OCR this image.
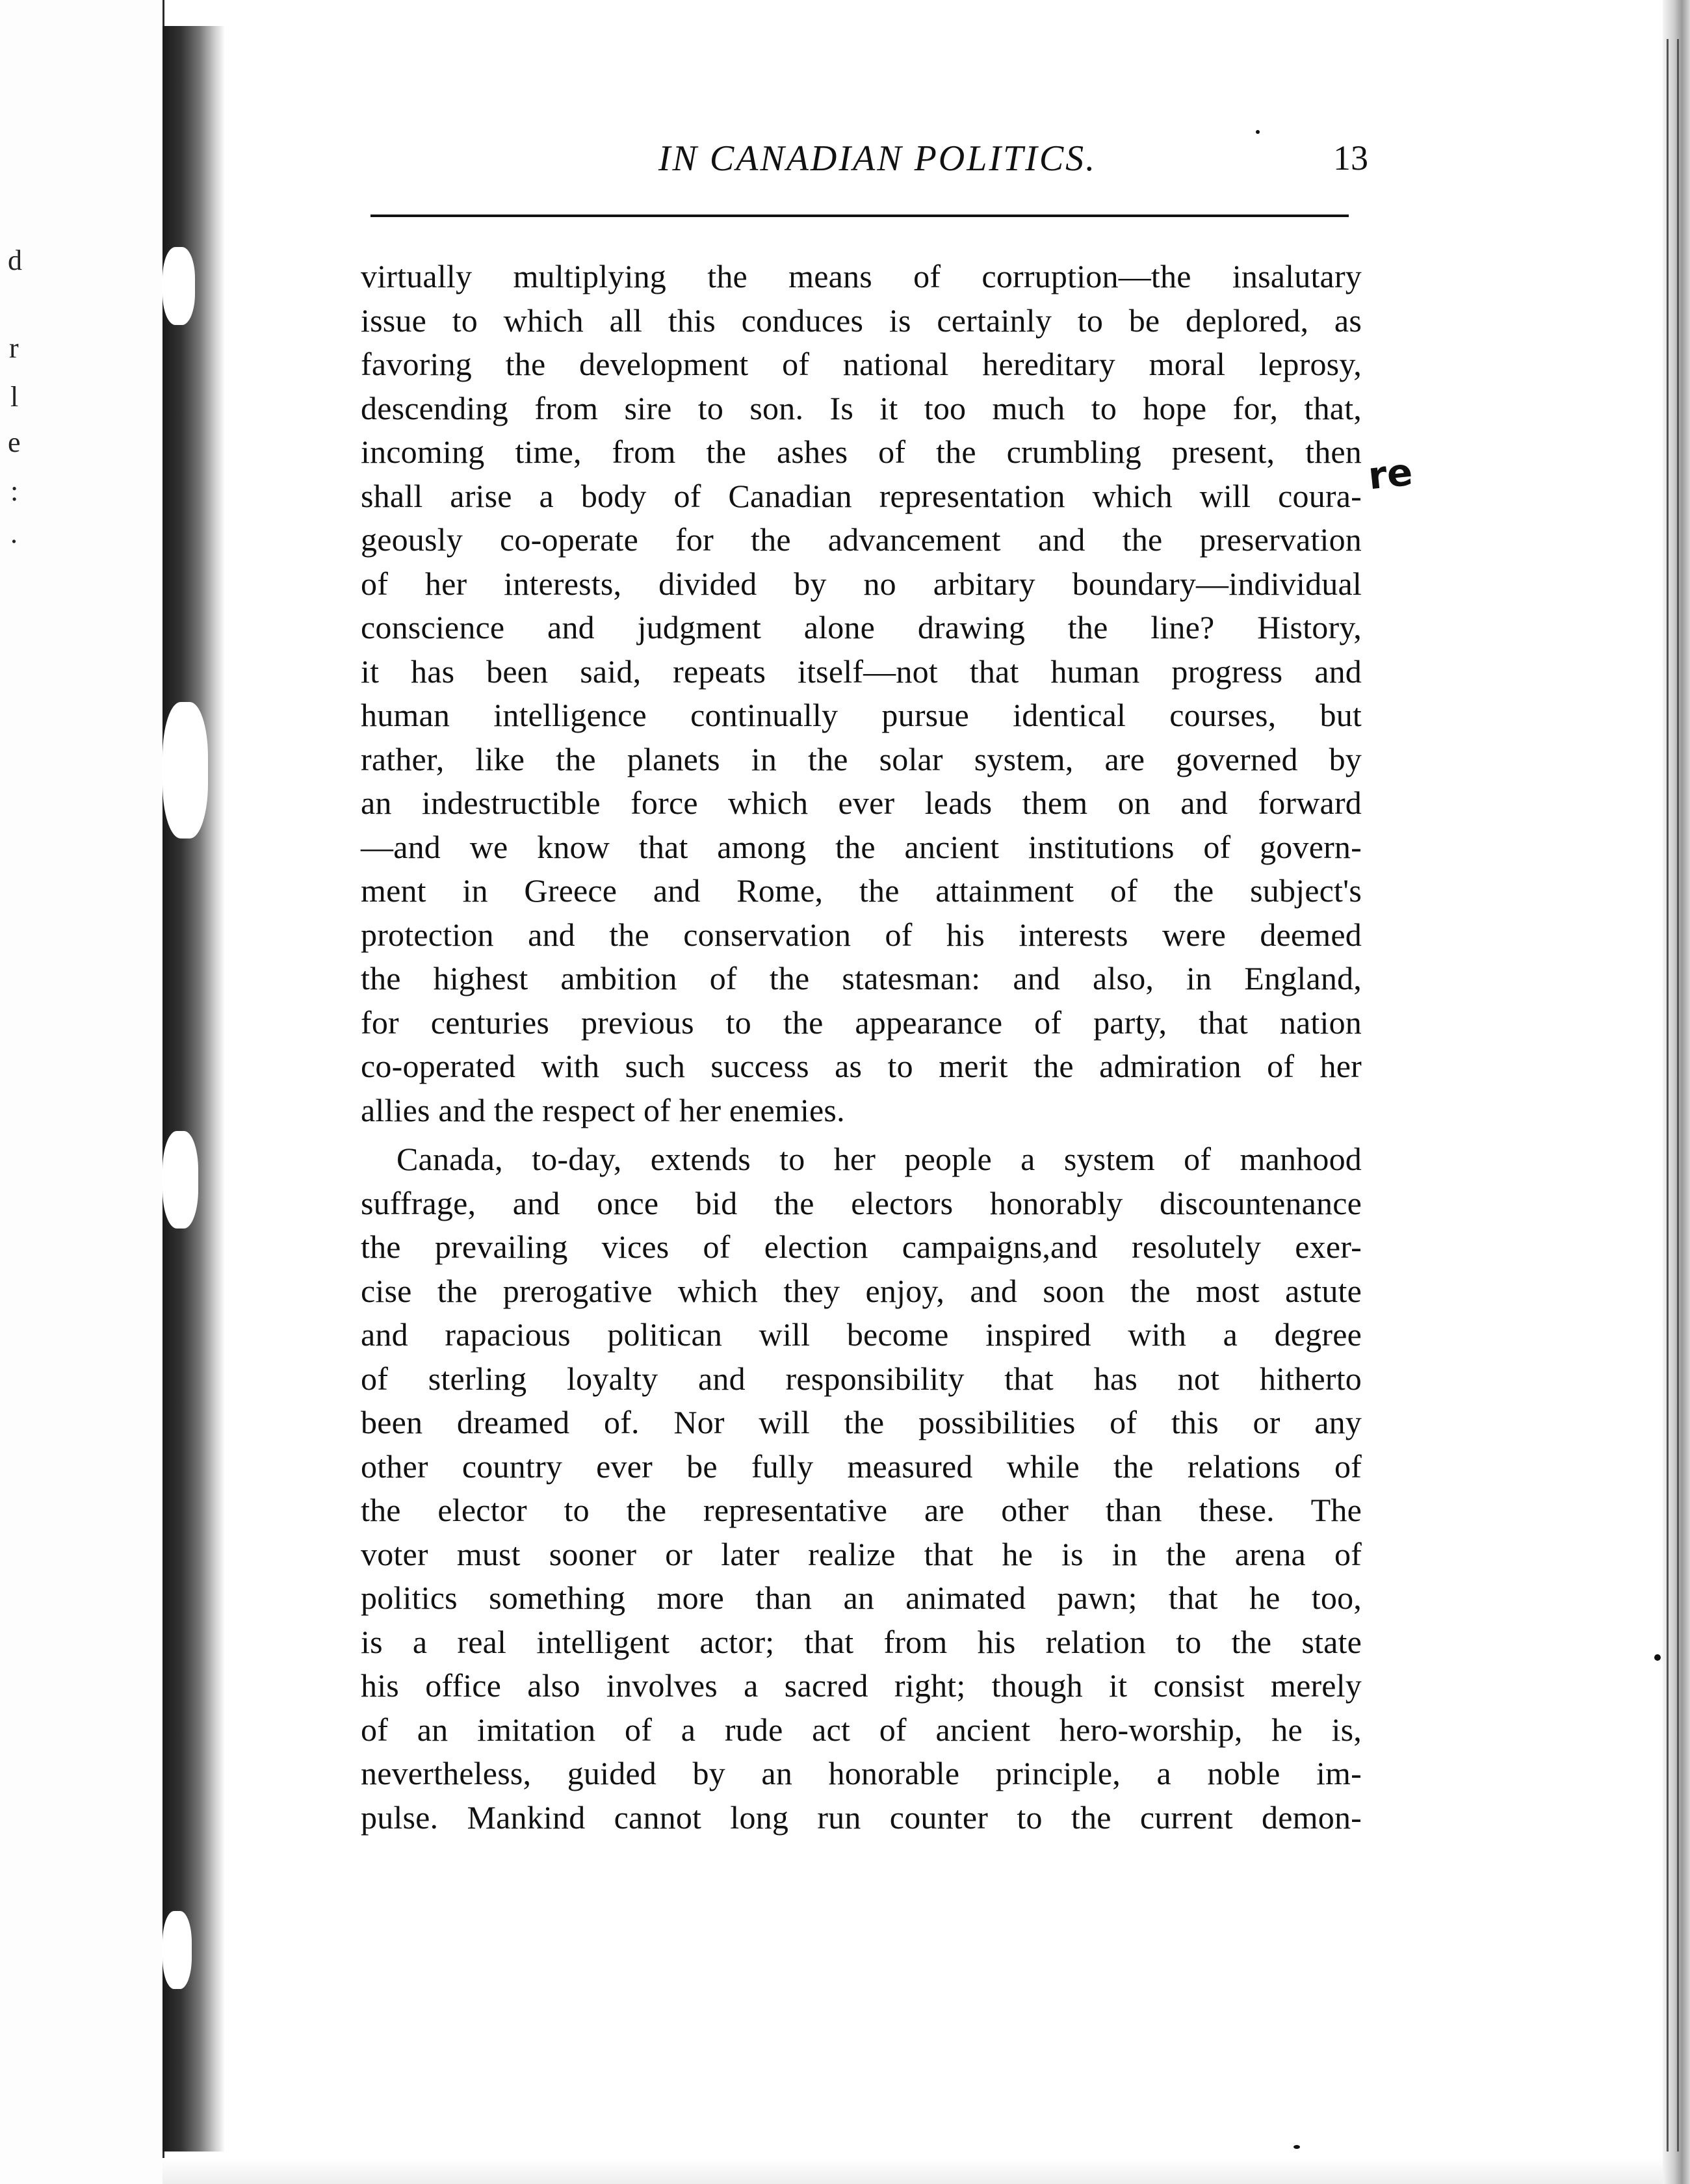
d
r
l
e
:
.
IN CANADIAN POLITICS.	13
re
virtually multiplying the means of corruption—the insalutary
issue to which all this conduces is certainly to be deplored, as
favoring the development of national hereditary moral leprosy,
descending from sire to son. Is it too much to hope for, that,
incoming time, from the ashes of the crumbling present, then
shall arise a body of Canadian representation which will coura-
geously co-operate for the advancement and the preservation
of her interests, divided by no arbitary boundary—individual
conscience and judgment alone drawing the line? History,
it has been said, repeats itself—not that human progress and
human intelligence continually pursue identical courses, but
rather, like the planets in the solar system, are governed by
an indestructible force which ever leads them on and forward
—and we know that among the ancient institutions of govern-
ment in Greece and Rome, the attainment of the subject's
protection and the conservation of his interests were deemed
the highest ambition of the statesman: and also, in England,
for centuries previous to the appearance of party, that nation
co-operated with such success as to merit the admiration of her
allies and the respect of her enemies.
Canada, to-day, extends to her people a system of manhood
suffrage, and once bid the electors honorably discountenance
the prevailing vices of election campaigns,and resolutely exer-
cise the prerogative which they enjoy, and soon the most astute
and rapacious politican will become inspired with a degree
of sterling loyalty and responsibility that has not hitherto
been dreamed of. Nor will the possibilities of this or any
other country ever be fully measured while the relations of
the elector to the representative are other than these. The
voter must sooner or later realize that he is in the arena of
politics something more than an animated pawn; that he too,
is a real intelligent actor; that from his relation to the state
his office also involves a sacred right; though it consist merely
of an imitation of a rude act of ancient hero-worship, he is,
nevertheless, guided by an honorable principle, a noble im-
pulse. Mankind cannot long run counter to the current demon-
